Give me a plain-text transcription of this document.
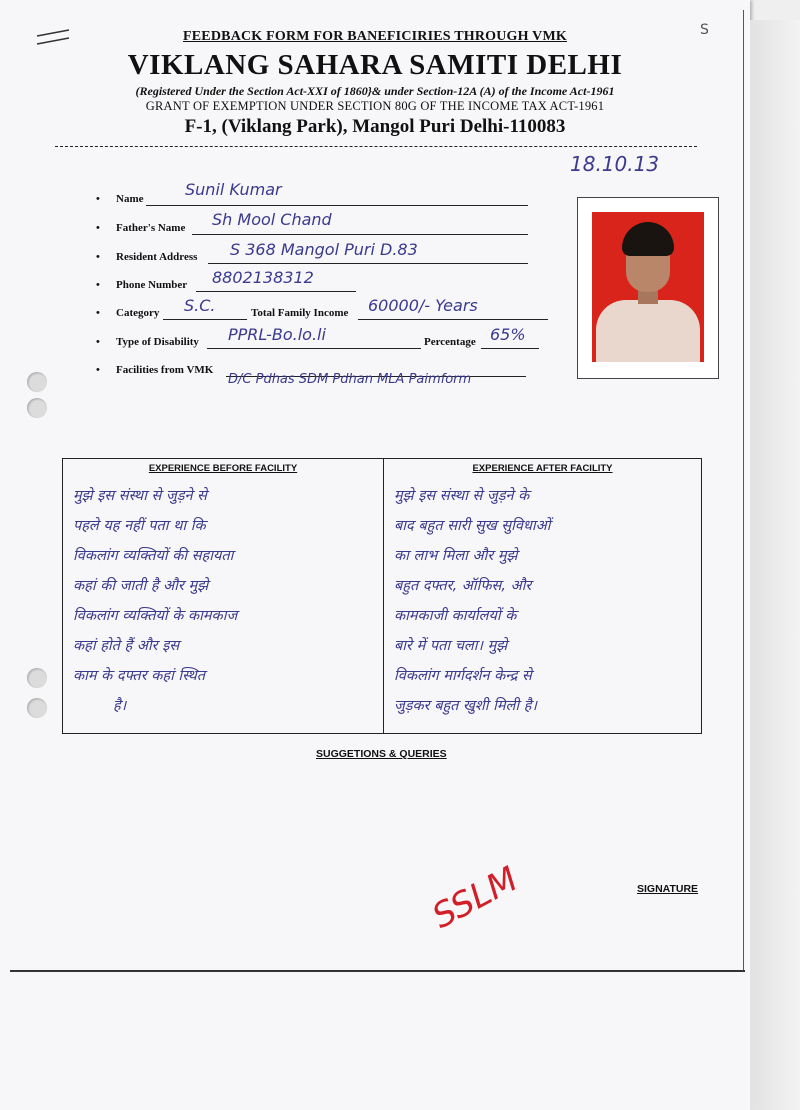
S
FEEDBACK FORM FOR BANEFICIRIES THROUGH VMK
VIKLANG SAHARA SAMITI DELHI
(Registered Under the Section Act-XXI of 1860}& under Section-12A (A) of the Income Act-1961
GRANT OF EXEMPTION UNDER SECTION 80G OF THE INCOME TAX ACT-1961
F-1, (Viklang Park), Mangol Puri Delhi-110083
18.10.13
• Name	Sunil Kumar
• Father's Name Sh Mool Chand
• Resident Address S 368 Mangol Puri D.83
• Phone Number 8802138312
• Category S.C.	Total Family Income 60000/- Years
• Type of Disability PPRL-Bo.lo.li	Percentage 65%
• Facilities from VMK
D/C Pdhas SDM Pdhan MLA Paimform
EXPERIENCE BEFORE FACILITY
मुझे इस संस्था से जुड़ने से
पहले यह नहीं पता था कि
विकलांग व्यक्तियों की सहायता
कहां की जाती है और मुझे
विकलांग व्यक्तियों के कामकाज
कहां होते हैं और इस
काम के दफ्तर कहां स्थित
है।
EXPERIENCE AFTER FACILITY
मुझे इस संस्था से जुड़ने के
बाद बहुत सारी सुख सुविधाओं
का लाभ मिला और मुझे
बहुत दफ्तर, ऑफिस, और
कामकाजी कार्यालयों के
बारे में पता चला। मुझे
विकलांग मार्गदर्शन केन्द्र से
जुड़कर बहुत खुशी मिली है।
SUGGETIONS & QUERIES
SIGNATURE
SSLM
